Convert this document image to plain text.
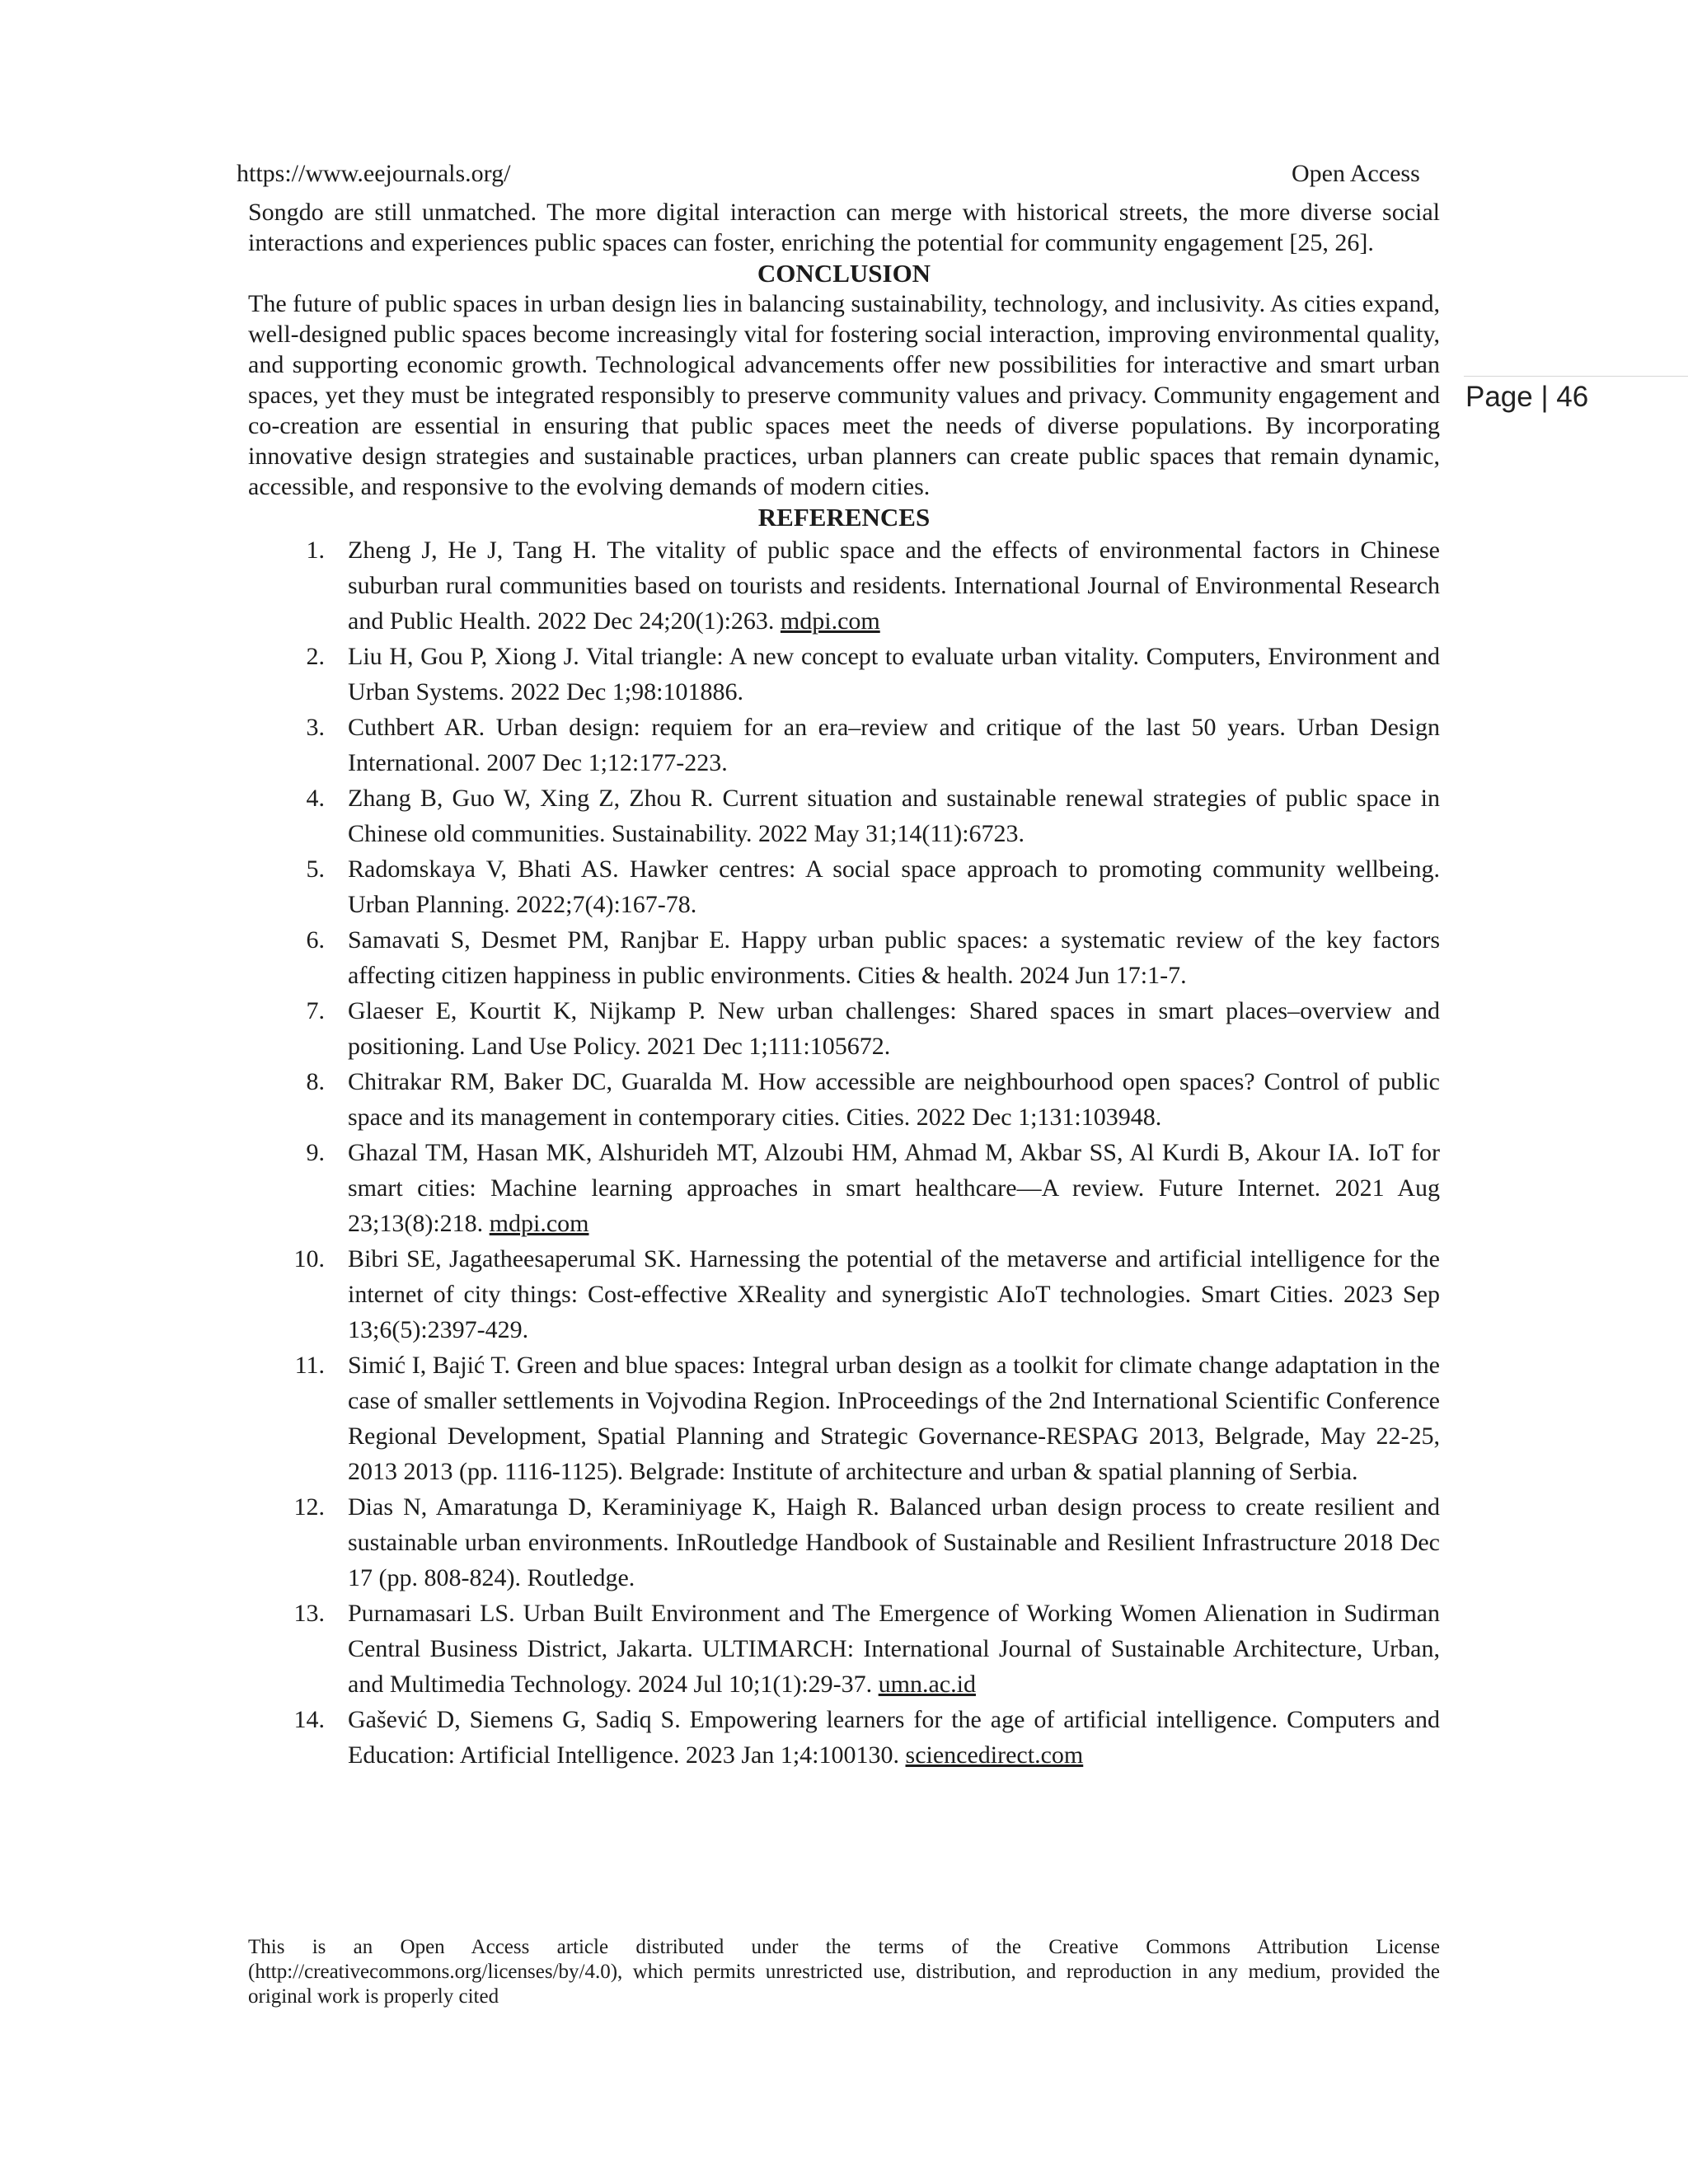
https://www.eejournals.org/	Open Access
Page | 46

Songdo are still unmatched. The more digital interaction can merge with historical streets, the more diverse social interactions and experiences public spaces can foster, enriching the potential for community engagement [25, 26].

CONCLUSION

The future of public spaces in urban design lies in balancing sustainability, technology, and inclusivity. As cities expand, well-designed public spaces become increasingly vital for fostering social interaction, improving environmental quality, and supporting economic growth. Technological advancements offer new possibilities for interactive and smart urban spaces, yet they must be integrated responsibly to preserve community values and privacy. Community engagement and co-creation are essential in ensuring that public spaces meet the needs of diverse populations. By incorporating innovative design strategies and sustainable practices, urban planners can create public spaces that remain dynamic, accessible, and responsive to the evolving demands of modern cities.

REFERENCES
1. Zheng J, He J, Tang H. The vitality of public space and the effects of environmental factors in Chinese suburban rural communities based on tourists and residents. International Journal of Environmental Research and Public Health. 2022 Dec 24;20(1):263. mdpi.com
2. Liu H, Gou P, Xiong J. Vital triangle: A new concept to evaluate urban vitality. Computers, Environment and Urban Systems. 2022 Dec 1;98:101886.
3. Cuthbert AR. Urban design: requiem for an era–review and critique of the last 50 years. Urban Design International. 2007 Dec 1;12:177-223.
4. Zhang B, Guo W, Xing Z, Zhou R. Current situation and sustainable renewal strategies of public space in Chinese old communities. Sustainability. 2022 May 31;14(11):6723.
5. Radomskaya V, Bhati AS. Hawker centres: A social space approach to promoting community wellbeing. Urban Planning. 2022;7(4):167-78.
6. Samavati S, Desmet PM, Ranjbar E. Happy urban public spaces: a systematic review of the key factors affecting citizen happiness in public environments. Cities & health. 2024 Jun 17:1-7.
7. Glaeser E, Kourtit K, Nijkamp P. New urban challenges: Shared spaces in smart places–overview and positioning. Land Use Policy. 2021 Dec 1;111:105672.
8. Chitrakar RM, Baker DC, Guaralda M. How accessible are neighbourhood open spaces? Control of public space and its management in contemporary cities. Cities. 2022 Dec 1;131:103948.
9. Ghazal TM, Hasan MK, Alshurideh MT, Alzoubi HM, Ahmad M, Akbar SS, Al Kurdi B, Akour IA. IoT for smart cities: Machine learning approaches in smart healthcare—A review. Future Internet. 2021 Aug 23;13(8):218. mdpi.com
10. Bibri SE, Jagatheesaperumal SK. Harnessing the potential of the metaverse and artificial intelligence for the internet of city things: Cost-effective XReality and synergistic AIoT technologies. Smart Cities. 2023 Sep 13;6(5):2397-429.
11. Simić I, Bajić T. Green and blue spaces: Integral urban design as a toolkit for climate change adaptation in the case of smaller settlements in Vojvodina Region. InProceedings of the 2nd International Scientific Conference Regional Development, Spatial Planning and Strategic Governance-RESPAG 2013, Belgrade, May 22-25, 2013 2013 (pp. 1116-1125). Belgrade: Institute of architecture and urban & spatial planning of Serbia.
12. Dias N, Amaratunga D, Keraminiyage K, Haigh R. Balanced urban design process to create resilient and sustainable urban environments. InRoutledge Handbook of Sustainable and Resilient Infrastructure 2018 Dec 17 (pp. 808-824). Routledge.
13. Purnamasari LS. Urban Built Environment and The Emergence of Working Women Alienation in Sudirman Central Business District, Jakarta. ULTIMARCH: International Journal of Sustainable Architecture, Urban, and Multimedia Technology. 2024 Jul 10;1(1):29-37. umn.ac.id
14. Gašević D, Siemens G, Sadiq S. Empowering learners for the age of artificial intelligence. Computers and Education: Artificial Intelligence. 2023 Jan 1;4:100130. sciencedirect.com
This is an Open Access article distributed under the terms of the Creative Commons Attribution License (http://creativecommons.org/licenses/by/4.0), which permits unrestricted use, distribution, and reproduction in any medium, provided the original work is properly cited
